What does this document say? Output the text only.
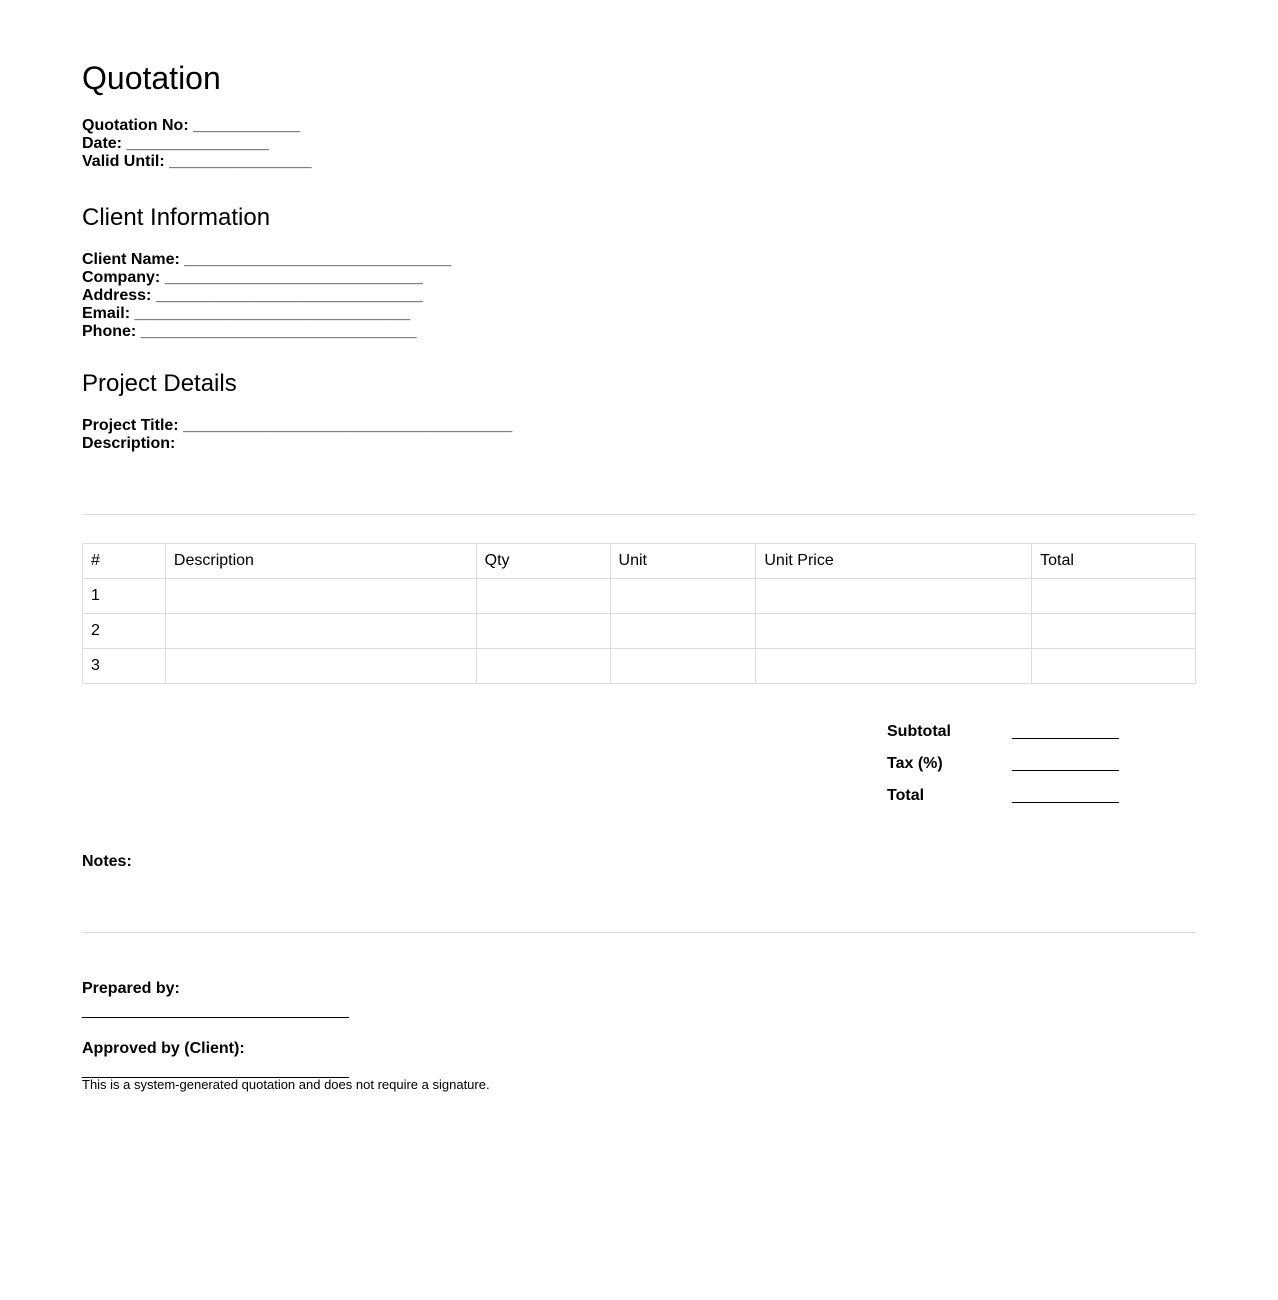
Quotation
Quotation No: ____________
Date: ________________
Valid Until: ________________
Client Information
Client Name: ______________________________
Company: _____________________________
Address: ______________________________
Email: _______________________________
Phone: _______________________________
Project Details
Project Title: _____________________________________
Description:
#	Description	Qty	Unit	Unit Price	Total
1					
2					
3					
Subtotal	____________
Tax (%)	____________
Total	____________
Notes:
Prepared by:
______________________________
Approved by (Client):
______________________________
This is a system-generated quotation and does not require a signature.
